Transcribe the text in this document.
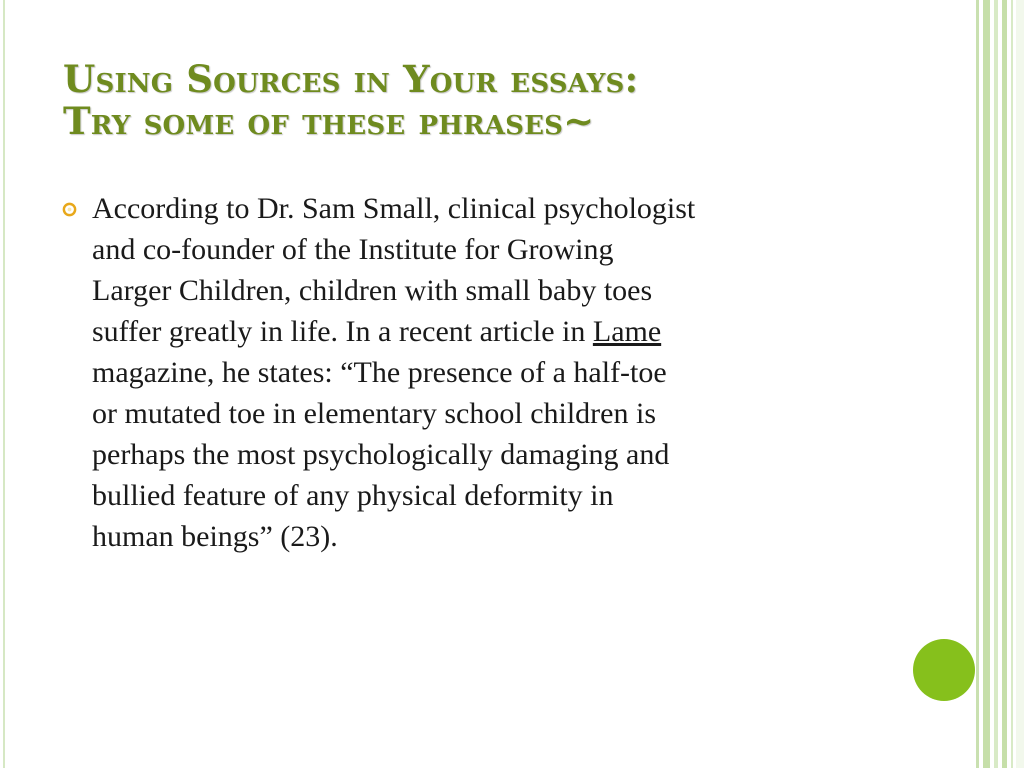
Using Sources in Your essays:
Try some of these phrases~

According to Dr. Sam Small, clinical psychologist
and co-founder of the Institute for Growing
Larger Children, children with small baby toes
suffer greatly in life. In a recent article in Lame
magazine, he states: “The presence of a half-toe
or mutated toe in elementary school children is
perhaps the most psychologically damaging and
bullied feature of any physical deformity in
human beings” (23).
